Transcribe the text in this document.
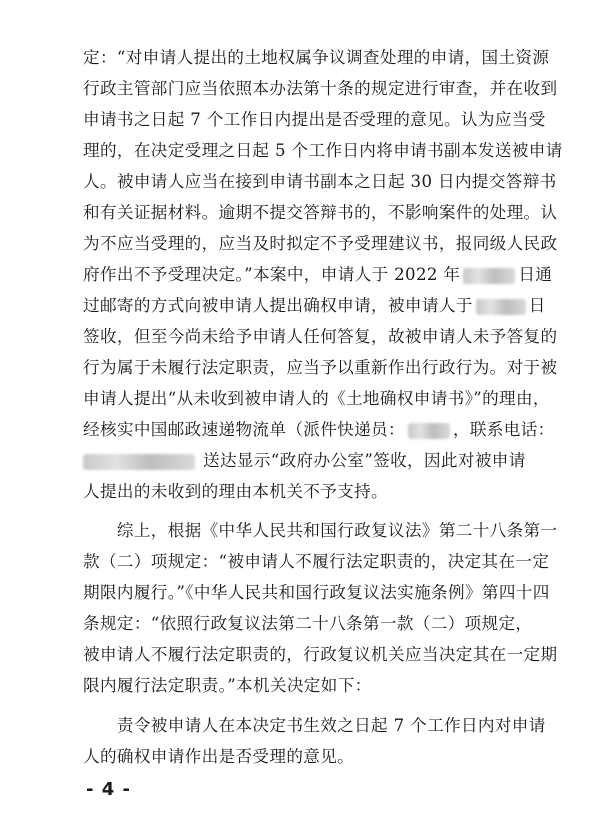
定：“对申请人提出的土地权属争议调查处理的申请，国土资源
行政主管部门应当依照本办法第十条的规定进行审查，并在收到
申请书之日起 7 个工作日内提出是否受理的意见。认为应当受
理的，在决定受理之日起 5 个工作日内将申请书副本发送被申请
人。被申请人应当在接到申请书副本之日起 30 日内提交答辩书
和有关证据材料。逾期不提交答辩书的，不影响案件的处理。认
为不应当受理的，应当及时拟定不予受理建议书，报同级人民政
府作出不予受理决定。”本案中，申请人于 2022 年	日通
过邮寄的方式向被申请人提出确权申请，被申请人于	日
签收，但至今尚未给予申请人任何答复，故被申请人未予答复的
行为属于未履行法定职责，应当予以重新作出行政行为。对于被
申请人提出“从未收到被申请人的《土地确权申请书》”的理由，
经核实中国邮政速递物流单（派件快递员：	，联系电话：
送达显示“政府办公室”签收，因此对被申请
人提出的未收到的理由本机关不予支持。
　　综上，根据《中华人民共和国行政复议法》第二十八条第一
款（二）项规定：“被申请人不履行法定职责的，决定其在一定
期限内履行。”《中华人民共和国行政复议法实施条例》第四十四
条规定：“依照行政复议法第二十八条第一款（二）项规定，
被申请人不履行法定职责的，行政复议机关应当决定其在一定期
限内履行法定职责。”本机关决定如下：
　　责令被申请人在本决定书生效之日起 7 个工作日内对申请
人的确权申请作出是否受理的意见。
- 4 -
